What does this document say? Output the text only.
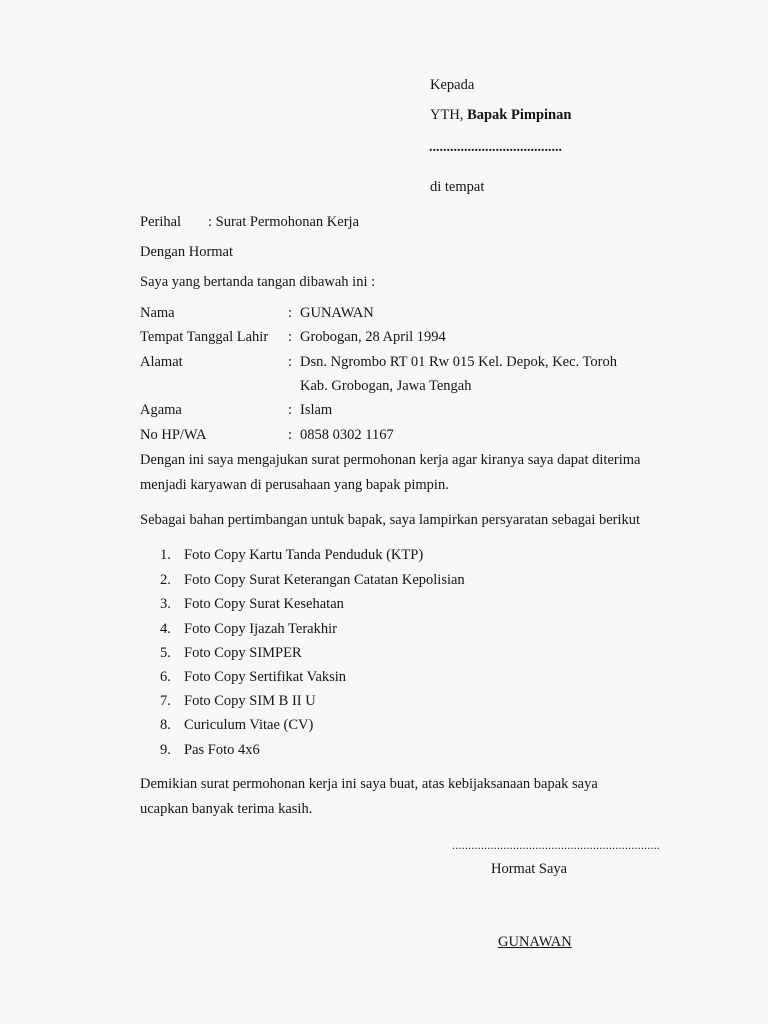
Kepada
YTH, Bapak Pimpinan
......................................
di tempat
Perihal : Surat Permohonan Kerja
Dengan Hormat
Saya yang bertanda tangan dibawah ini :
Nama	: GUNAWAN
Tempat Tanggal Lahir : Grobogan, 28 April 1994
Alamat	: Dsn. Ngrombo RT 01 Rw 015 Kel. Depok, Kec. Toroh
Kab. Grobogan, Jawa Tengah
Agama	: Islam
No HP/WA	: 0858 0302 1167
Dengan ini saya mengajukan surat permohonan kerja agar kiranya saya dapat diterima
menjadi karyawan di perusahaan yang bapak pimpin.
Sebagai bahan pertimbangan untuk bapak, saya lampirkan persyaratan sebagai berikut
1. Foto Copy Kartu Tanda Penduduk (KTP)
2. Foto Copy Surat Keterangan Catatan Kepolisian
3. Foto Copy Surat Kesehatan
4. Foto Copy Ijazah Terakhir
5. Foto Copy SIMPER
6. Foto Copy Sertifikat Vaksin
7. Foto Copy SIM B II U
8. Curiculum Vitae (CV)
9. Pas Foto 4x6
Demikian surat permohonan kerja ini saya buat, atas kebijaksanaan bapak saya
ucapkan banyak terima kasih.
.................................................................
Hormat Saya
GUNAWAN
